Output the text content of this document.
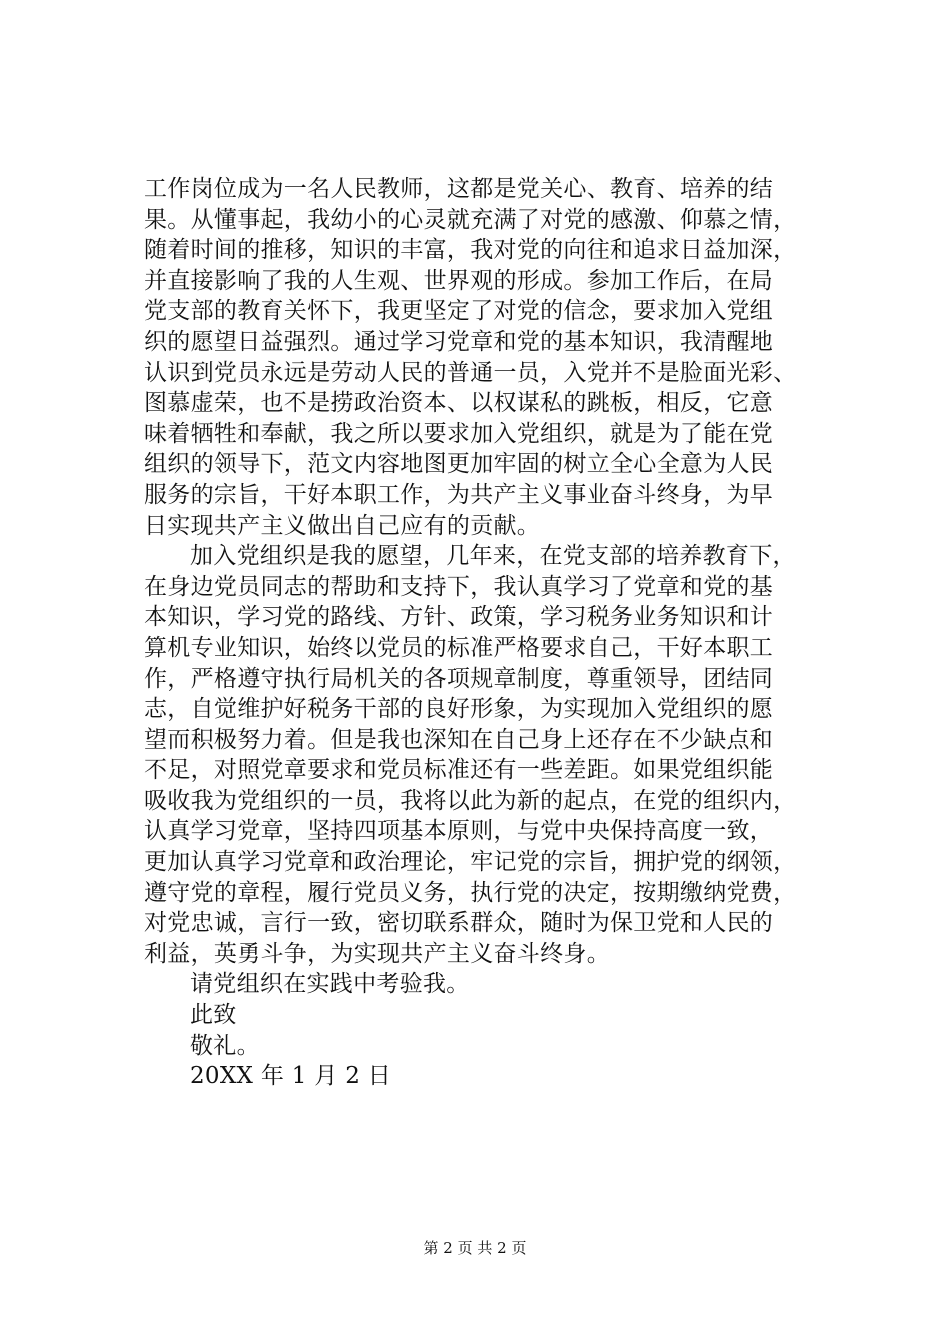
工作岗位成为一名人民教师，这都是党关心、教育、培养的结
果。从懂事起，我幼小的心灵就充满了对党的感激、仰慕之情，
随着时间的推移，知识的丰富，我对党的向往和追求日益加深，
并直接影响了我的人生观、世界观的形成。参加工作后，在局
党支部的教育关怀下，我更坚定了对党的信念，要求加入党组
织的愿望日益强烈。通过学习党章和党的基本知识，我清醒地
认识到党员永远是劳动人民的普通一员，入党并不是脸面光彩、
图慕虚荣，也不是捞政治资本、以权谋私的跳板，相反，它意
味着牺牲和奉献，我之所以要求加入党组织，就是为了能在党
组织的领导下，范文内容地图更加牢固的树立全心全意为人民
服务的宗旨，干好本职工作，为共产主义事业奋斗终身，为早
日实现共产主义做出自己应有的贡献。
加入党组织是我的愿望，几年来，在党支部的培养教育下，
在身边党员同志的帮助和支持下，我认真学习了党章和党的基
本知识，学习党的路线、方针、政策，学习税务业务知识和计
算机专业知识，始终以党员的标准严格要求自己，干好本职工
作，严格遵守执行局机关的各项规章制度，尊重领导，团结同
志，自觉维护好税务干部的良好形象，为实现加入党组织的愿
望而积极努力着。但是我也深知在自己身上还存在不少缺点和
不足，对照党章要求和党员标准还有一些差距。如果党组织能
吸收我为党组织的一员，我将以此为新的起点，在党的组织内，
认真学习党章，坚持四项基本原则，与党中央保持高度一致，
更加认真学习党章和政治理论，牢记党的宗旨，拥护党的纲领，
遵守党的章程，履行党员义务，执行党的决定，按期缴纳党费，
对党忠诚，言行一致，密切联系群众，随时为保卫党和人民的
利益，英勇斗争，为实现共产主义奋斗终身。
请党组织在实践中考验我。
此致
敬礼。
20XX 年 1 月 2 日
第 2 页 共 2 页
